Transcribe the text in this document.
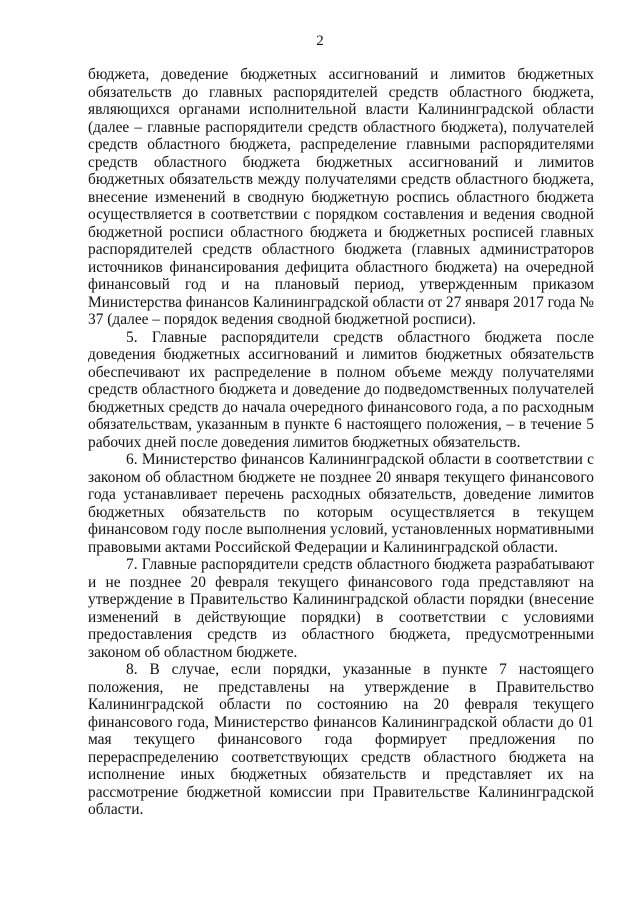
2

бюджета, доведение бюджетных ассигнований и лимитов бюджетных обязательств до главных распорядителей средств областного бюджета, являющихся органами исполнительной власти Калининградской области (далее – главные распорядители средств областного бюджета), получателей средств областного бюджета, распределение главными распорядителями средств областного бюджета бюджетных ассигнований и лимитов бюджетных обязательств между получателями средств областного бюджета, внесение изменений в сводную бюджетную роспись областного бюджета осуществляется в соответствии с порядком составления и ведения сводной бюджетной росписи областного бюджета и бюджетных росписей главных распорядителей средств областного бюджета (главных администраторов источников финансирования дефицита областного бюджета) на очередной финансовый год и на плановый период, утвержденным приказом Министерства финансов Калининградской области от 27 января 2017 года № 37 (далее – порядок ведения сводной бюджетной росписи).

5. Главные распорядители средств областного бюджета после доведения бюджетных ассигнований и лимитов бюджетных обязательств обеспечивают их распределение в полном объеме между получателями средств областного бюджета и доведение до подведомственных получателей бюджетных средств до начала очередного финансового года, а по расходным обязательствам, указанным в пункте 6 настоящего положения, – в течение 5 рабочих дней после доведения лимитов бюджетных обязательств.

6. Министерство финансов Калининградской области в соответствии с законом об областном бюджете не позднее 20 января текущего финансового года устанавливает перечень расходных обязательств, доведение лимитов бюджетных обязательств по которым осуществляется в текущем финансовом году после выполнения условий, установленных нормативными правовыми актами Российской Федерации и Калининградской области.

7. Главные распорядители средств областного бюджета разрабатывают и не позднее 20 февраля текущего финансового года представляют на утверждение в Правительство Калининградской области порядки (внесение изменений в действующие порядки) в соответствии с условиями предоставления средств из областного бюджета, предусмотренными законом об областном бюджете.

8. В случае, если порядки, указанные в пункте 7 настоящего положения, не представлены на утверждение в Правительство Калининградской области по состоянию на 20 февраля текущего финансового года, Министерство финансов Калининградской области до 01 мая текущего финансового года формирует предложения по перераспределению соответствующих средств областного бюджета на исполнение иных бюджетных обязательств и представляет их на рассмотрение бюджетной комиссии при Правительстве Калининградской области.
